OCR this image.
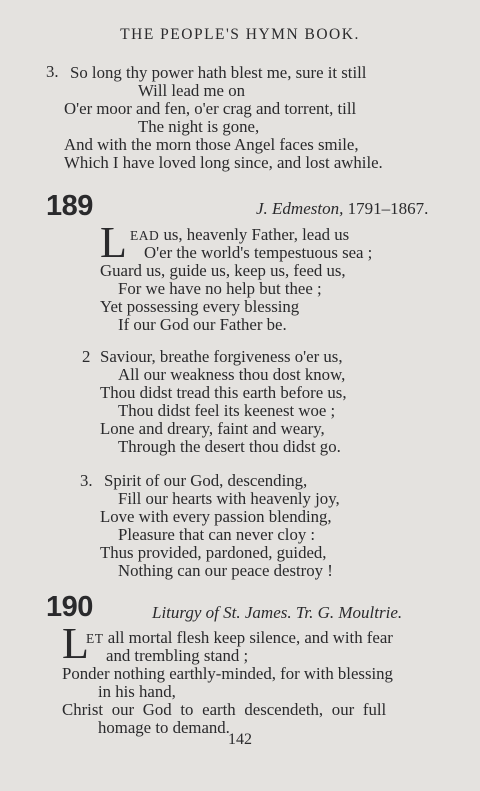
THE PEOPLE'S HYMN BOOK.
3. So long thy power hath blest me, sure it still
Will lead me on
O'er moor and fen, o'er crag and torrent, till
The night is gone,
And with the morn those Angel faces smile,
Which I have loved long since, and lost awhile.
189	J. Edmeston, 1791–1867.
L EAD us, heavenly Father, lead us
O'er the world's tempestuous sea ;
Guard us, guide us, keep us, feed us,
For we have no help but thee ;
Yet possessing every blessing
If our God our Father be.
2 Saviour, breathe forgiveness o'er us,
All our weakness thou dost know,
Thou didst tread this earth before us,
Thou didst feel its keenest woe ;
Lone and dreary, faint and weary,
Through the desert thou didst go.
3. Spirit of our God, descending,
Fill our hearts with heavenly joy,
Love with every passion blending,
Pleasure that can never cloy :
Thus provided, pardoned, guided,
Nothing can our peace destroy !
190	Liturgy of St. James. Tr. G. Moultrie.
L
ET all mortal flesh keep silence, and with fear
and trembling stand ;
Ponder nothing earthly-minded, for with blessing
in his hand,
Christ our God to earth descendeth, our full
homage to demand.
142
